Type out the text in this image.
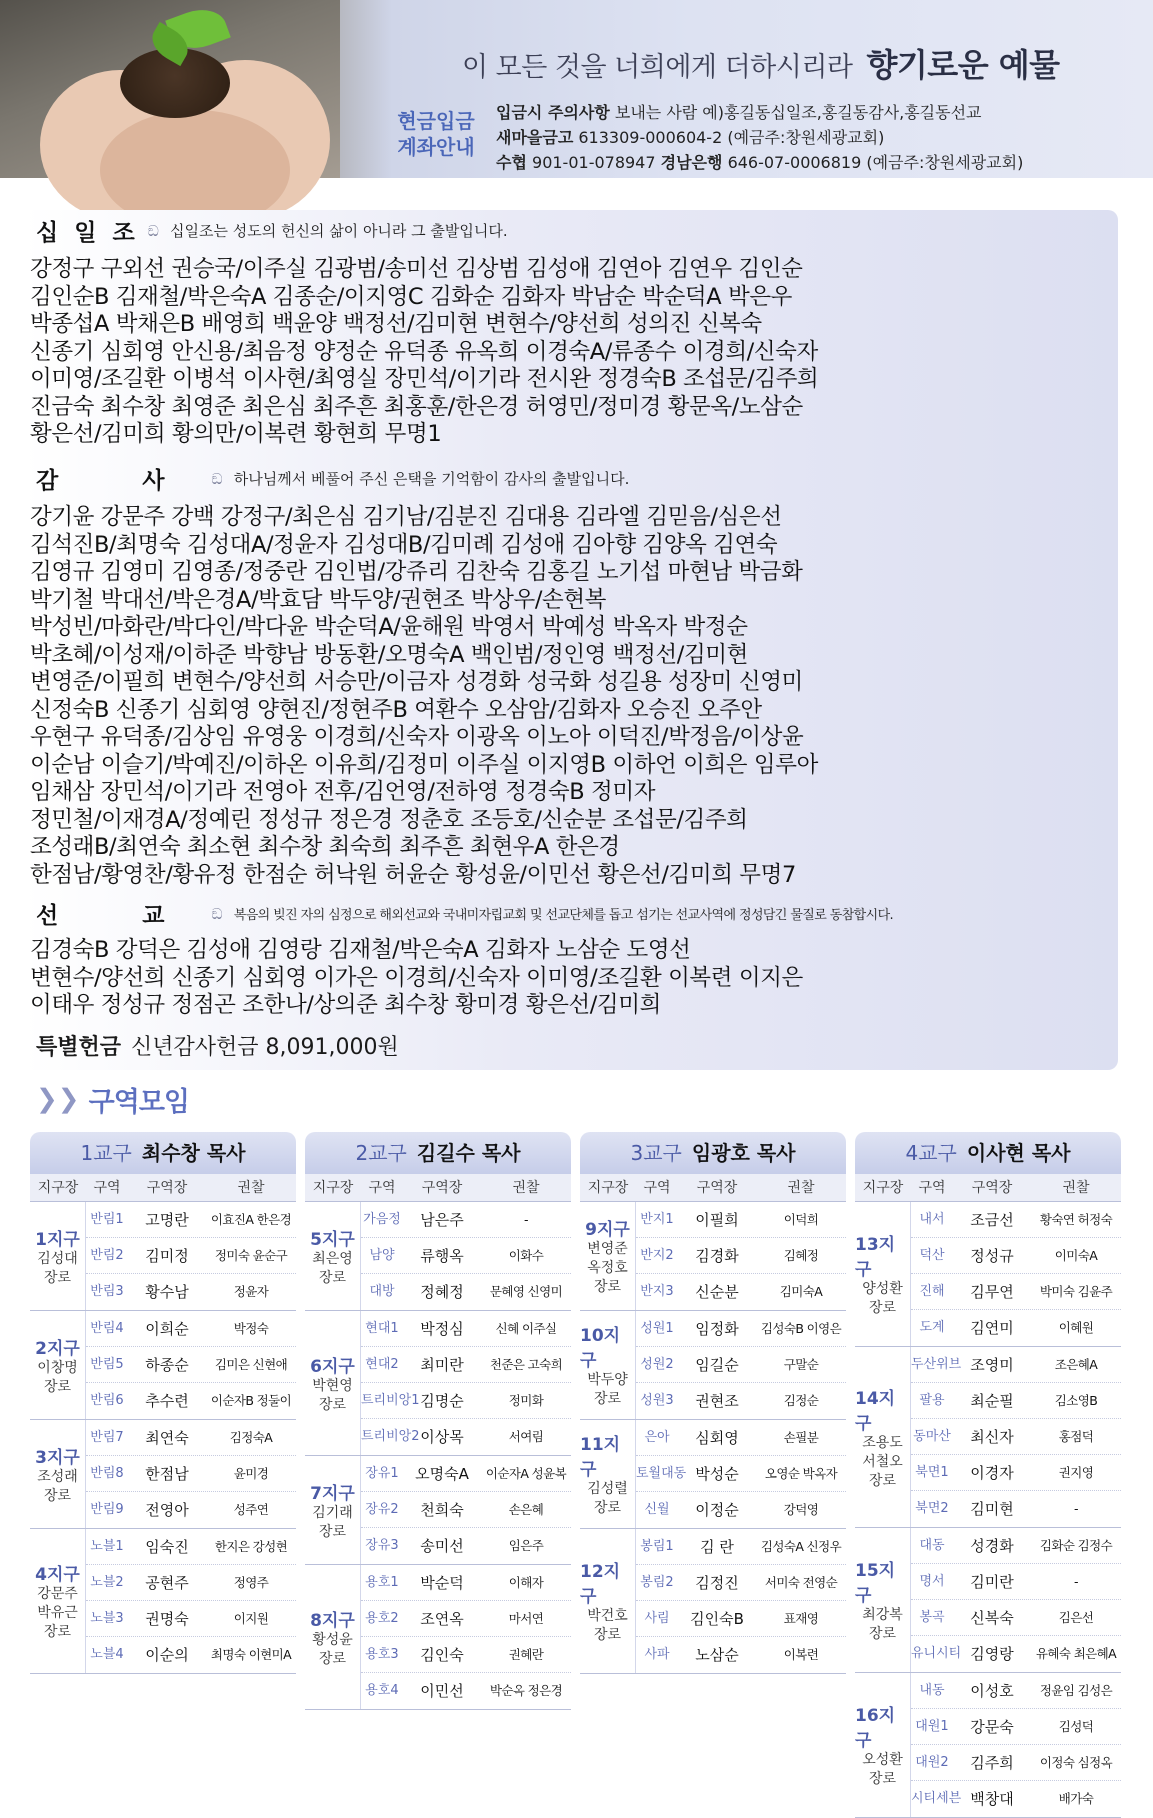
이 모든 것을 너희에게 더하시리라 향기로운 예물
현금입금
계좌안내
입금시 주의사항 보내는 사람 예)홍길동십일조,홍길동감사,홍길동선교
새마을금고 613309-000604-2 (예금주:창원세광교회)
수협 901-01-078947 경남은행 646-07-0006819 (예금주:창원세광교회)
십 일 조 ඞ 십일조는 성도의 헌신의 삶이 아니라 그 출발입니다.
강정구 구외선 권승국/이주실 김광범/송미선 김상범 김성애 김연아 김연우 김인순
김인순B 김재철/박은숙A 김종순/이지영C 김화순 김화자 박남순 박순덕A 박은우
박종섭A 박채은B 배영희 백윤양 백정선/김미현 변현수/양선희 성의진 신복숙
신종기 심회영 안신용/최음정 양정순 유덕종 유옥희 이경숙A/류종수 이경희/신숙자
이미영/조길환 이병석 이사현/최영실 장민석/이기라 전시완 정경숙B 조섭문/김주희
진금숙 최수창 최영준 최은심 최주흔 최홍훈/한은경 허영민/정미경 황문옥/노삼순
황은선/김미희 황의만/이복련 황현희 무명1
감 사 ඞ 하나님께서 베풀어 주신 은택을 기억함이 감사의 출발입니다.
강기윤 강문주 강백 강정구/최은심 김기남/김분진 김대용 김라엘 김믿음/심은선
김석진B/최명숙 김성대A/정윤자 김성대B/김미례 김성애 김아향 김양옥 김연숙
김영규 김영미 김영종/정중란 김인법/강쥬리 김찬숙 김홍길 노기섭 마현남 박금화
박기철 박대선/박은경A/박효담 박두양/권현조 박상우/손현복
박성빈/마화란/박다인/박다윤 박순덕A/윤해원 박영서 박예성 박옥자 박정순
박초혜/이성재/이하준 박향남 방동환/오명숙A 백인범/정인영 백정선/김미현
변영준/이필희 변현수/양선희 서승만/이금자 성경화 성국화 성길용 성장미 신영미
신정숙B 신종기 심회영 양현진/정현주B 여환수 오삼암/김화자 오승진 오주안
우현구 유덕종/김상임 유영웅 이경희/신숙자 이광옥 이노아 이덕진/박정음/이상윤
이순남 이슬기/박예진/이하온 이유희/김정미 이주실 이지영B 이하언 이희은 임루아
임채삼 장민석/이기라 전영아 전후/김언영/전하영 정경숙B 정미자
정민철/이재경A/정예린 정성규 정은경 정춘호 조등호/신순분 조섭문/김주희
조성래B/최연숙 최소현 최수창 최숙희 최주흔 최현우A 한은경
한점남/황영찬/황유정 한점순 허낙원 허윤순 황성윤/이민선 황은선/김미희 무명7
선 교 ඞ 복음의 빚진 자의 심정으로 해외선교와 국내미자립교회 및 선교단체를 돕고 섬기는 선교사역에 정성담긴 물질로 동참합시다.
김경숙B 강덕은 김성애 김영랑 김재철/박은숙A 김화자 노삼순 도영선
변현수/양선희 신종기 심회영 이가은 이경희/신숙자 이미영/조길환 이복련 이지은
이태우 정성규 정점곤 조한나/상의준 최수창 황미경 황은선/김미희
특별헌금 신년감사헌금 8,091,000원
❯❯ 구역모임
1교구 최수창 목사
지구장	구역	구역장	권찰
1지구
김성대
장로
반림1	고명란	이효진A 한은경
반림2	김미정	정미숙 윤순구
반림3	황수남	정윤자
2지구
이창명
장로
반림4	이희순	박정숙
반림5	하종순	김미은 신현애
반림6	추수련	이순자B 정둘이
3지구
조성래
장로
반림7	최연숙	김정숙A
반림8	한점남	윤미경
반림9	전영아	성주연
4지구
강문주
박유근
장로
노블1	임숙진	한지은 강성현
노블2	공현주	정영주
노블3	권명숙	이지원
노블4	이순의	최명숙 이현미A
2교구 김길수 목사
지구장	구역	구역장	권찰
5지구
최은영
장로
가음정	남은주	-
남양	류행옥	이화수
대방	정혜정	문혜영 신영미
6지구
박현영
장로
현대1	박정심	신혜 이주실
현대2	최미란	천준은 고숙희
트리비앙1 김명순	정미화
트리비앙2 이상목	서여림
7지구
김기래
장로
장유1	오명숙A	이순자A 성윤복
장유2	천희숙	손은혜
장유3	송미선	임은주
8지구
황성윤
장로
용호1	박순덕	이해자
용호2	조연옥	마서연
용호3	김인숙	권혜란
용호4	이민선	박순옥 정은경
3교구 임광호 목사
지구장	구역	구역장	권찰
9지구
변영준
옥정호
장로
반지1	이필희	이덕희
반지2	김경화	김혜정
반지3	신순분	김미숙A
10지구
박두양
장로
성원1	임정화	김성숙B 이영은
성원2	임길순	구말순
성원3	권현조	김정순
11지구
김성렬
장로
은아	심회영	손필분
토월대동 박성순	오영순 박옥자
신월	이정순	강덕영
12지구
박건호
장로
봉림1	김 란	김성숙A 신정우
봉림2	김정진	서미숙 전영순
사림	김인숙B	표재영
사파	노삼순	이복련
4교구 이사현 목사
지구장	구역	구역장	권찰
13지구
양성환
장로
내서	조금선	황숙연 허정숙
덕산	정성규	이미숙A
진해	김무연	박미숙 김윤주
도계	김연미	이혜원
14지구
조용도
서철오
장로
두산위브 조영미	조은혜A
팔용	최순필	김소영B
동마산	최신자	홍점덕
북면1	이경자	권지영
북면2	김미현	-
15지구
최강복
장로
대동	성경화	김화순 김정수
명서	김미란	-
봉곡	신복숙	김은선
유니시티 김영랑	유혜숙 최은혜A
16지구
오성환
장로
내동	이성호	정윤임 김성은
대원1	강문숙	김성덕
대원2	김주희	이정숙 심정옥
시티세븐 백창대	배가숙
